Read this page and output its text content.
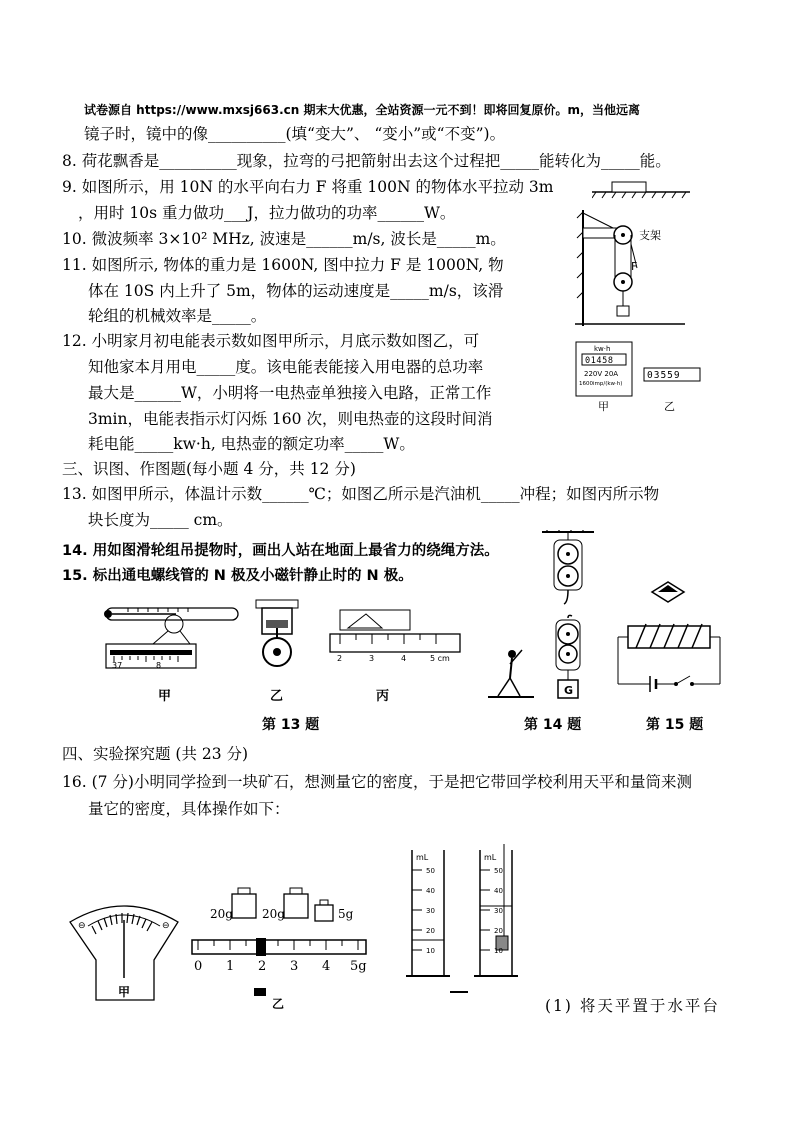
试卷源自 https://www.mxsj663.cn 期末大优惠，全站资源一元不到！即将回复原价。m，当他远离
镜子时，镜中的像__________(填“变大”、 “变小”或“不变”)。
8. 荷花飘香是__________现象，拉弯的弓把箭射出去这个过程把_____能转化为_____能。
9. 如图所示，用 10N 的水平向右力 F 将重 100N 的物体水平拉动 3m
，用时 10s 重力做功___J，拉力做功的功率______W。
10. 微波频率 3×10² MHz, 波速是______m/s, 波长是_____m。
11. 如图所示, 物体的重力是 1600N, 图中拉力 F 是 1000N, 物
体在 10S 内上升了 5m，物体的运动速度是_____m/s，该滑
轮组的机械效率是_____。
12. 小明家月初电能表示数如图甲所示，月底示数如图乙，可
知他家本月用电_____度。该电能表能接入用电器的总功率
最大是______W，小明将一电热壶单独接入电路，正常工作
3min，电能表指示灯闪烁 160 次，则电热壶的这段时间消
耗电能_____kw·h, 电热壶的额定功率_____W。
三、识图、作图题(每小题 4 分，共 12 分)
13. 如图甲所示，体温计示数______℃；如图乙所示是汽油机_____冲程；如图丙所示物
块长度为_____ cm。
14. 用如图滑轮组吊提物时，画出人站在地面上最省力的绕绳方法。
15. 标出通电螺线管的 N 极及小磁针静止时的 N 极。
四、实验探究题 (共 23 分)
16. (7 分)小明同学捡到一块矿石，想测量它的密度，于是把它带回学校利用天平和量筒来测
量它的密度，具体操作如下：
(1) 将天平置于水平台
支架
F
kw·h
01458
220V 20A
1600imp/(kw·h)
03559
甲	乙
37	8
甲	乙
2	3	4	5 cm
丙
第 13 题
G
第 14 题	第 15 题
⊖	⊖
甲
20g 20g	5g
0 1 2 3 4 5g
乙
mL
50
40
30
20
10
mL
50
40
30
20
10
